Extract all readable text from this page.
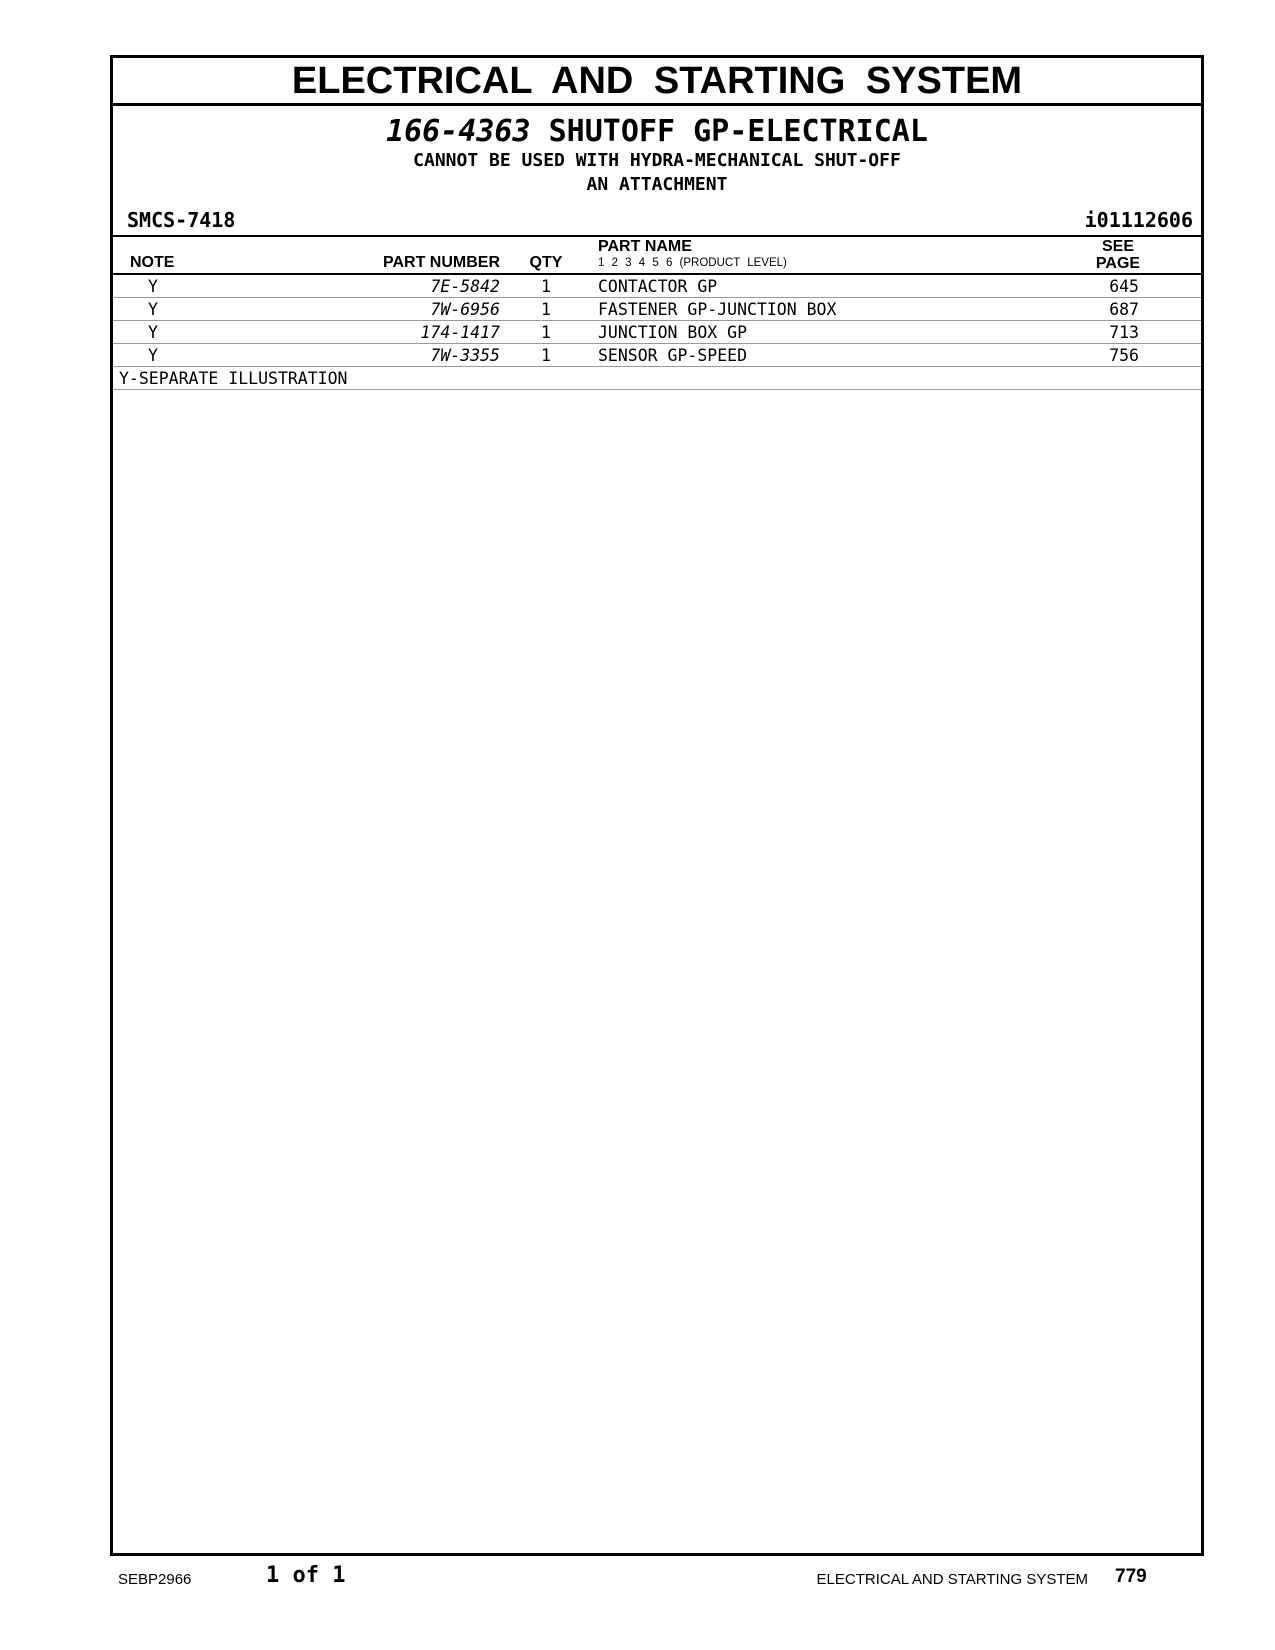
ELECTRICAL AND STARTING SYSTEM
166-4363 SHUTOFF GP-ELECTRICAL
CANNOT BE USED WITH HYDRA-MECHANICAL SHUT-OFF
AN ATTACHMENT
SMCS-7418	i01112606
NOTE	PART NUMBER QTY
PART NAME
1 2 3 4 5 6 (PRODUCT LEVEL)
SEE
PAGE
Y	7E-5842	1	CONTACTOR GP	645
Y	7W-6956	1	FASTENER GP-JUNCTION BOX	687
Y	174-1417	1	JUNCTION BOX GP	713
Y	7W-3355	1	SENSOR GP-SPEED	756
Y-SEPARATE ILLUSTRATION
SEBP2966	1 of 1	ELECTRICAL AND STARTING SYSTEM 779
